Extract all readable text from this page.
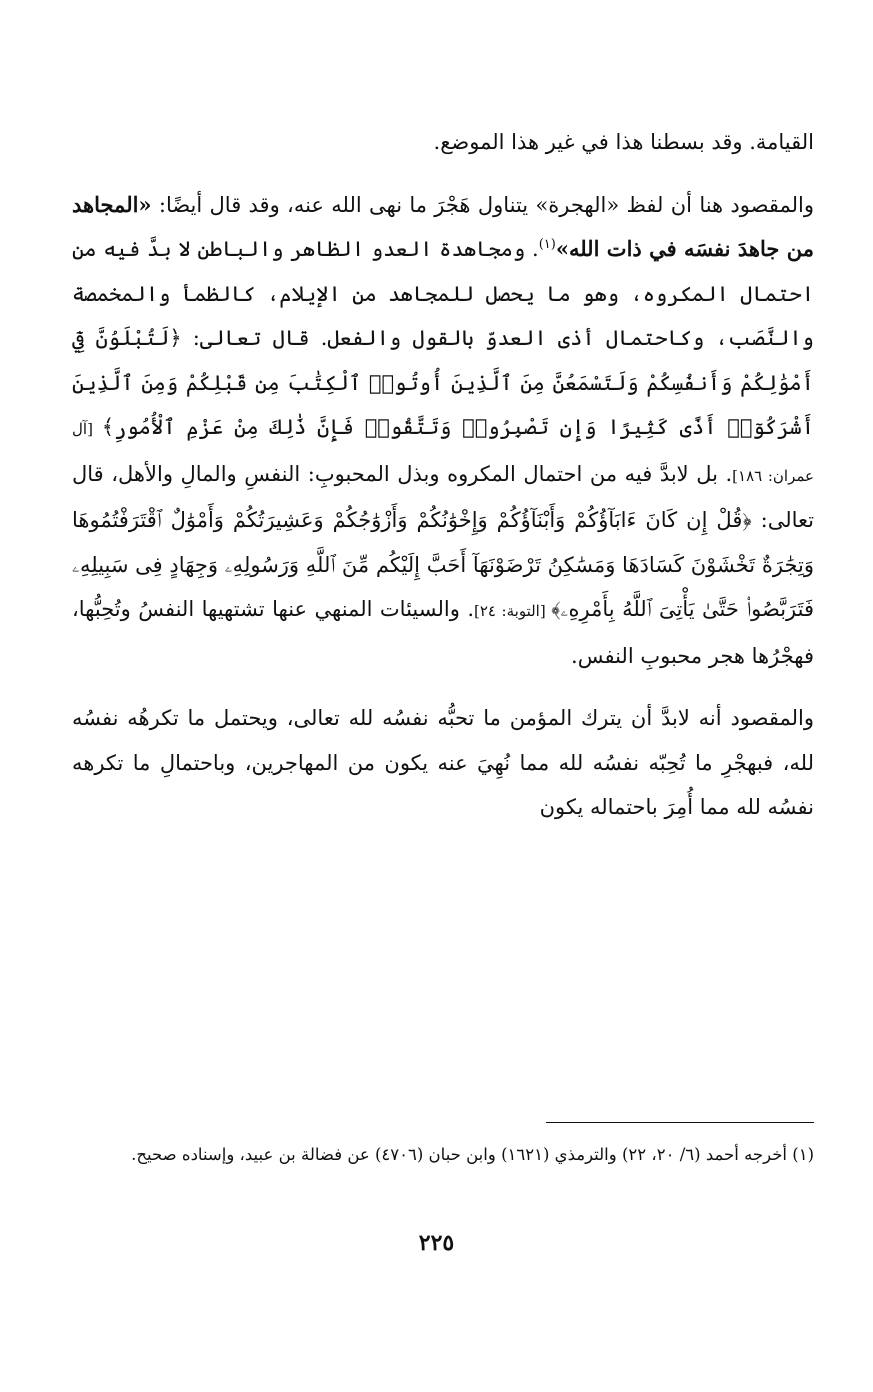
القيامة. وقد بسطنا هذا في غير هذا الموضع.

والمقصود هنا أن لفظ «الهجرة» يتناول هَجْرَ ما نهى الله عنه، وقد قال أيضًا: «المجاهد من جاهدَ نفسَه في ذات الله»$^{(١)}$. ومجاهدة العدو الظاهر والباطن لا بدَّ فيه من احتمال المكروه، وهو ما يحصل للمجاهد من الإيلام، كالظمأ والمخمصة والنَّصَب، وكاحتمال أذى العدوّ بالقول والفعل. قال تعالى: ﴿لَتُبْلَوُنَّ فِيٓ أَمْوَٰلِكُمْ وَأَنفُسِكُمْ وَلَتَسْمَعُنَّ مِنَ ٱلَّذِينَ أُوتُوا۟ ٱلْكِتَٰبَ مِن قَبْلِكُمْ وَمِنَ ٱلَّذِينَ أَشْرَكُوٓا۟ أَذًى كَثِيرًا وَإِن تَصْبِرُوا۟ وَتَتَّقُوا۟ فَإِنَّ ذَٰلِكَ مِنْ عَزْمِ ٱلْأُمُورِ﴾ [آل عمران: ١٨٦]. بل لابدَّ فيه من احتمال المكروه وبذل المحبوبِ: النفسِ والمالِ والأهل، قال تعالى: ﴿قُلْ إِن كَانَ ءَابَآؤُكُمْ وَأَبْنَآؤُكُمْ وَإِخْوَٰنُكُمْ وَأَزْوَٰجُكُمْ وَعَشِيرَتُكُمْ وَأَمْوَٰلٌ ٱقْتَرَفْتُمُوهَا وَتِجَٰرَةٌ تَخْشَوْنَ كَسَادَهَا وَمَسَٰكِنُ تَرْضَوْنَهَآ أَحَبَّ إِلَيْكُم مِّنَ ٱللَّهِ وَرَسُولِهِۦ وَجِهَادٍ فِى سَبِيلِهِۦ فَتَرَبَّصُوا۟ حَتَّىٰ يَأْتِىَ ٱللَّهُ بِأَمْرِهِۦ﴾ [التوبة: ٢٤]. والسيئات المنهي عنها تشتهيها النفسُ وتُحِبُّها، فهجْرُها هجر محبوبِ النفس.

والمقصود أنه لابدَّ أن يترك المؤمن ما تحبُّه نفسُه لله تعالى، ويحتمل ما تكرهُه نفسُه لله، فبهجْرِ ما تُحِبّه نفسُه لله مما نُهِيَ عنه يكون من المهاجرين، وباحتمالِ ما تكرهه نفسُه لله مما أُمِرَ باحتماله يكون

(١) أخرجه أحمد (٦/ ٢٠، ٢٢) والترمذي (١٦٢١) وابن حبان (٤٧٠٦) عن فضالة بن عبيد، وإسناده صحيح.
٢٢٥
